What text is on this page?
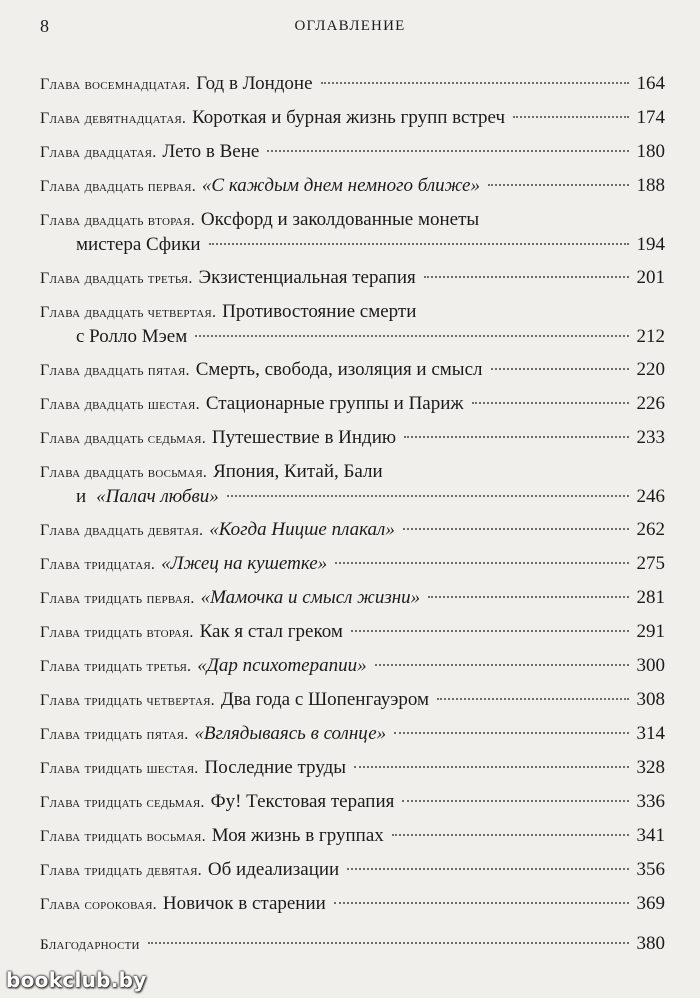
8	ОГЛАВЛЕНИЕ
Глава восемнадцатая. Год в Лондоне	164
Глава девятнадцатая. Короткая и бурная жизнь групп встреч	174
Глава двадцатая. Лето в Вене	180
Глава двадцать первая. «С каждым днем немного ближе»	188
Глава двадцать вторая. Оксфорд и заколдованные монеты
мистера Сфики	194
Глава двадцать третья. Экзистенциальная терапия	201
Глава двадцать четвертая. Противостояние смерти
с Ролло Мэем	212
Глава двадцать пятая. Смерть, свобода, изоляция и смысл	220
Глава двадцать шестая. Стационарные группы и Париж	226
Глава двадцать седьмая. Путешествие в Индию	233
Глава двадцать восьмая. Япония, Китай, Бали
и «Палач любви»	246
Глава двадцать девятая. «Когда Ницше плакал»	262
Глава тридцатая. «Лжец на кушетке»	275
Глава тридцать первая. «Мамочка и смысл жизни»	281
Глава тридцать вторая. Как я стал греком	291
Глава тридцать третья. «Дар психотерапии»	300
Глава тридцать четвертая. Два года с Шопенгауэром	308
Глава тридцать пятая. «Вглядываясь в солнце»	314
Глава тридцать шестая. Последние труды	328
Глава тридцать седьмая. Фу! Текстовая терапия	336
Глава тридцать восьмая. Моя жизнь в группах	341
Глава тридцать девятая. Об идеализации	356
Глава сороковая. Новичок в старении	369
Благодарности	380
bookclub.by
